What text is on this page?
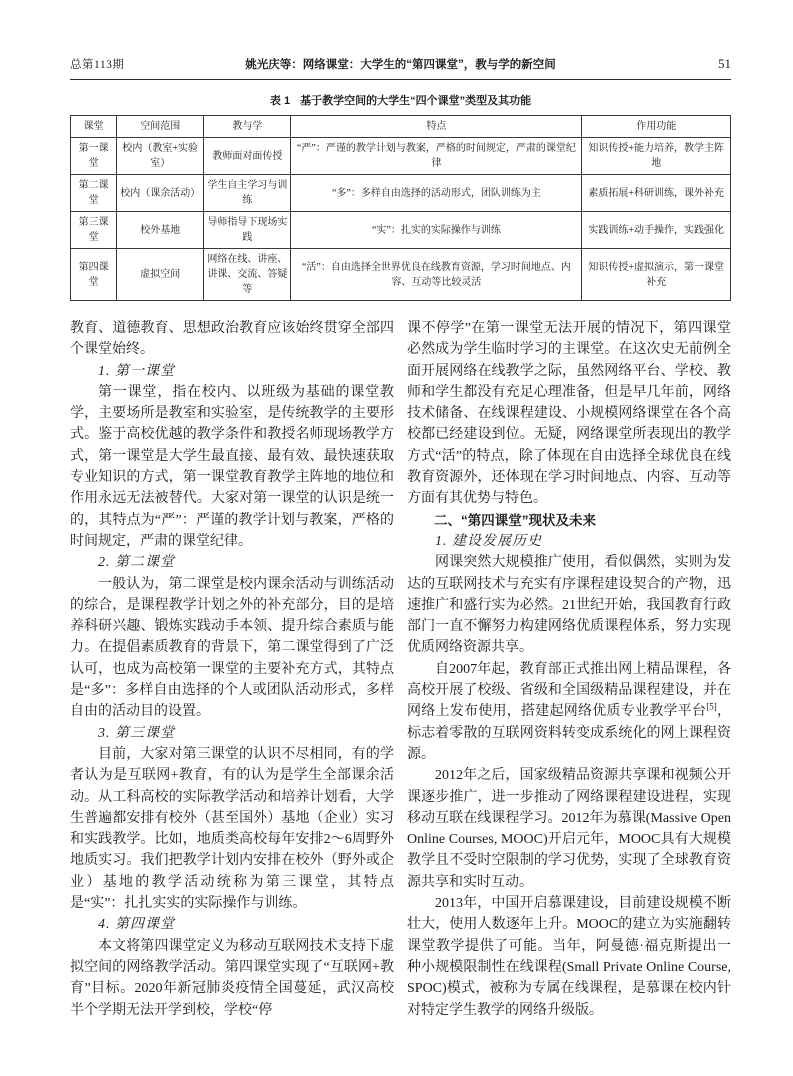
总第113期	姚光庆等：网络课堂：大学生的“第四课堂”，教与学的新空间	51
表 1 基于教学空间的大学生“四个课堂”类型及其功能
课堂	空间范围	教与学	特点	作用功能
第一课堂	校内（教室+实验室）	教师面对面传授	“严”：严谨的教学计划与教案，严格的时间规定，严肃的课堂纪律	知识传授+能力培养，教学主阵地
第二课堂	校内（课余活动）	学生自主学习与训练	“多”：多样自由选择的活动形式，团队训练为主	素质拓展+科研训练，课外补充
第三课堂	校外基地	导师指导下现场实践	“实”：扎实的实际操作与训练	实践训练+动手操作，实践强化
第四课堂	虚拟空间	网络在线、讲座、讲课、交流、答疑等	“活”：自由选择全世界优良在线教育资源，学习时间地点、内容、互动等比较灵活	知识传授+虚拟演示，第一课堂补充

教育、道德教育、思想政治教育应该始终贯穿全部四个课堂始终。

1. 第一课堂

第一课堂，指在校内、以班级为基础的课堂教学，主要场所是教室和实验室，是传统教学的主要形式。鉴于高校优越的教学条件和教授名师现场教学方式，第一课堂是大学生最直接、最有效、最快速获取专业知识的方式，第一课堂教育教学主阵地的地位和作用永远无法被替代。大家对第一课堂的认识是统一的，其特点为“严”：严谨的教学计划与教案，严格的时间规定，严肃的课堂纪律。

2. 第二课堂

一般认为，第二课堂是校内课余活动与训练活动的综合，是课程教学计划之外的补充部分，目的是培养科研兴趣、锻炼实践动手本领、提升综合素质与能力。在提倡素质教育的背景下，第二课堂得到了广泛认可，也成为高校第一课堂的主要补充方式，其特点是“多”：多样自由选择的个人或团队活动形式，多样自由的活动目的设置。

3. 第三课堂

目前，大家对第三课堂的认识不尽相同，有的学者认为是互联网+教育，有的认为是学生全部课余活动。从工科高校的实际教学活动和培养计划看，大学生普遍都安排有校外（甚至国外）基地（企业）实习和实践教学。比如，地质类高校每年安排2～6周野外地质实习。我们把教学计划内安排在校外（野外或企业）基地的教学活动统称为第三课堂，其特点是“实”：扎扎实实的实际操作与训练。

4. 第四课堂

本文将第四课堂定义为移动互联网技术支持下虚拟空间的网络教学活动。第四课堂实现了“互联网+教育”目标。2020年新冠肺炎疫情全国蔓延，武汉高校半个学期无法开学到校，学校“停

课不停学”在第一课堂无法开展的情况下，第四课堂必然成为学生临时学习的主课堂。在这次史无前例全面开展网络在线教学之际，虽然网络平台、学校、教师和学生都没有充足心理准备，但是早几年前，网络技术储备、在线课程建设、小规模网络课堂在各个高校都已经建设到位。无疑，网络课堂所表现出的教学方式“活”的特点，除了体现在自由选择全球优良在线教育资源外，还体现在学习时间地点、内容、互动等方面有其优势与特色。

二、“第四课堂”现状及未来

1. 建设发展历史

网课突然大规模推广使用，看似偶然，实则为发达的互联网技术与充实有序课程建设契合的产物，迅速推广和盛行实为必然。21世纪开始，我国教育行政部门一直不懈努力构建网络优质课程体系，努力实现优质网络资源共享。

自2007年起，教育部正式推出网上精品课程，各高校开展了校级、省级和全国级精品课程建设，并在网络上发布使用，搭建起网络优质专业教学平台[5]，标志着零散的互联网资料转变成系统化的网上课程资源。

2012年之后，国家级精品资源共享课和视频公开课逐步推广，进一步推动了网络课程建设进程，实现移动互联在线课程学习。2012年为慕课(Massive Open Online Courses, MOOC)开启元年，MOOC具有大规模教学且不受时空限制的学习优势，实现了全球教育资源共享和实时互动。

2013年，中国开启慕课建设，目前建设规模不断壮大，使用人数逐年上升。MOOC的建立为实施翻转课堂教学提供了可能。当年，阿曼德·福克斯提出一种小规模限制性在线课程(Small Private Online Course, SPOC)模式，被称为专属在线课程，是慕课在校内针对特定学生教学的网络升级版。
